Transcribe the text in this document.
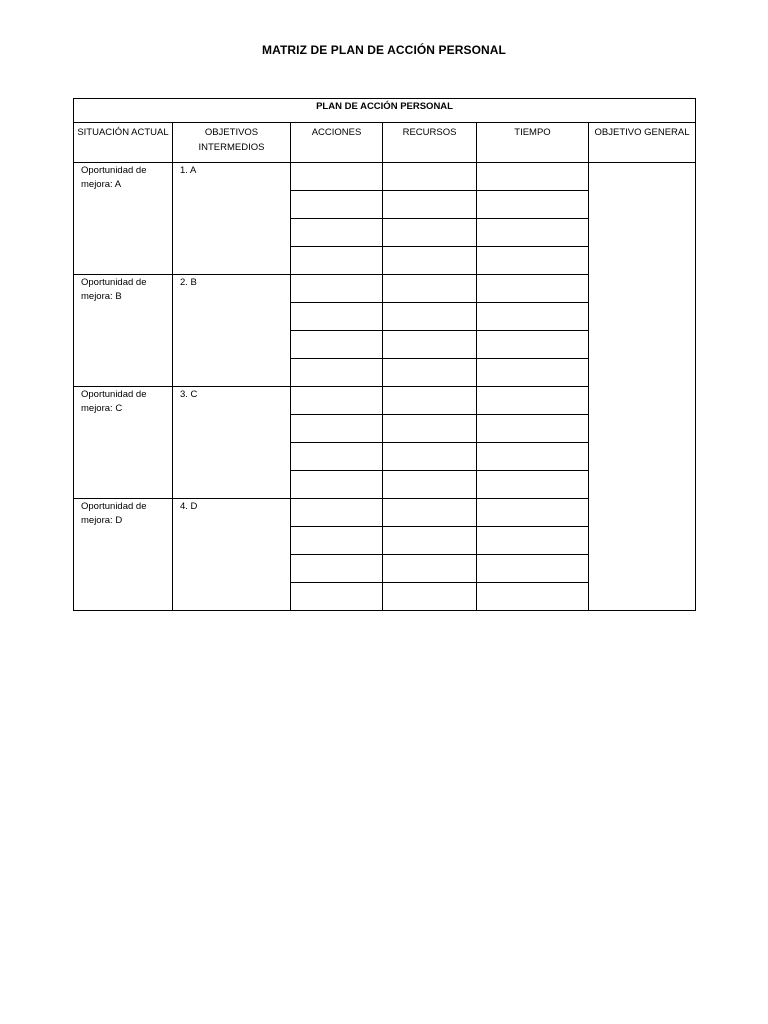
MATRIZ DE PLAN DE ACCIÓN PERSONAL
PLAN DE ACCIÓN PERSONAL					
SITUACIÓN ACTUAL	OBJETIVOS INTERMEDIOS	ACCIONES	RECURSOS	TIEMPO	OBJETIVO GENERAL
Oportunidad de mejora: A	1. A				

Oportunidad de mejora: B	2. B				

Oportunidad de mejora: C	3. C				

Oportunidad de mejora: D	4. D				
